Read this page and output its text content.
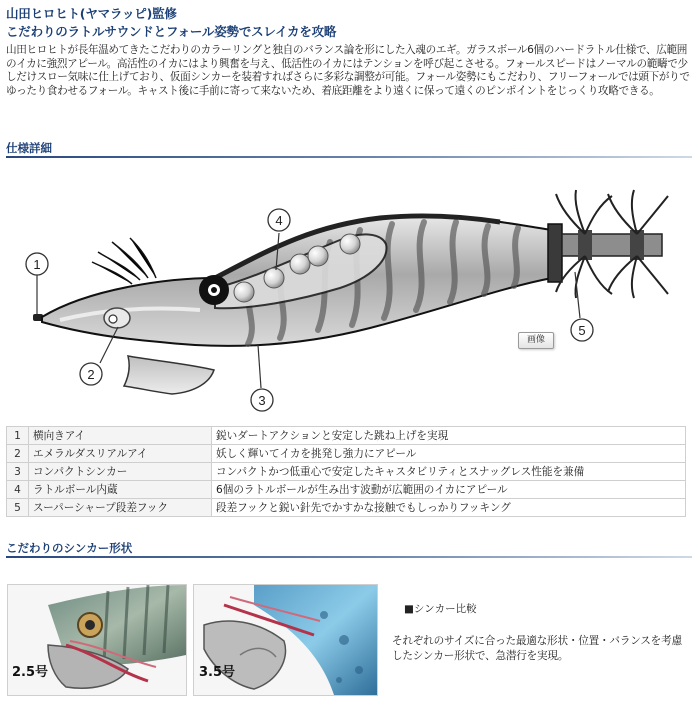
山田ヒロヒト(ヤマラッピ)監修
こだわりのラトルサウンドとフォール姿勢でスレイカを攻略
山田ヒロヒトが長年温めてきたこだわりのカラーリングと独自のバランス論を形にした入魂のエギ。ガラスボール6個のハードラトル仕様で、広範囲のイカに強烈アピール。高活性のイカにはより興奮を与え、低活性のイカにはテンションを呼び起こさせる。フォールスピードはノーマルの範疇で少しだけスロー気味に仕上げており、仮面シンカーを装着すればさらに多彩な調整が可能。フォール姿勢にもこだわり、フリーフォールでは頭下がりでゆったり食わせるフォール。キャスト後に手前に寄って来ないため、着底距離をより遠くに保って遠くのピンポイントをじっくり攻略できる。
仕様詳細
1
2
3
4
5
画像
1	横向きアイ	鋭いダートアクションと安定した跳ね上げを実現
2	エメラルダスリアルアイ	妖しく輝いてイカを挑発し強力にアピール
3	コンパクトシンカー	コンパクトかつ低重心で安定したキャスタビリティとスナッグレス性能を兼備
4	ラトルボール内蔵	6個のラトルボールが生み出す波動が広範囲のイカにアピール
5	スーパーシャープ段差フック	段差フックと鋭い針先でかすかな接触でもしっかりフッキング
こだわりのシンカー形状
2.5号	3.5号
■シンカー比較
それぞれのサイズに合った最適な形状・位置・バランスを考慮したシンカー形状で、急潜行を実現。
